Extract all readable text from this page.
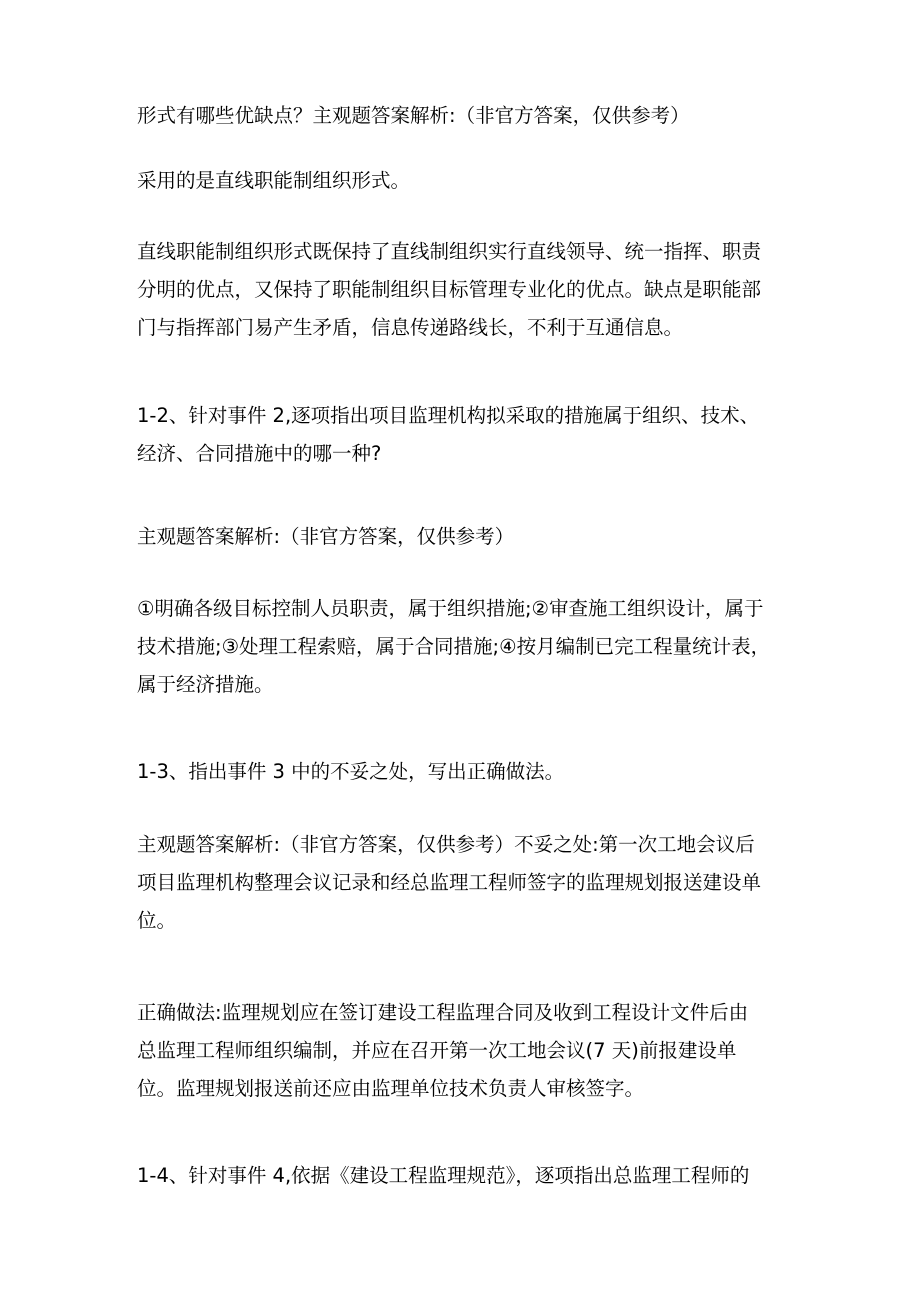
形式有哪些优缺点？主观题答案解析:（非官方答案，仅供参考）

采用的是直线职能制组织形式。

直线职能制组织形式既保持了直线制组织实行直线领导、统一指挥、职责
分明的优点，又保持了职能制组织目标管理专业化的优点。缺点是职能部
门与指挥部门易产生矛盾，信息传递路线长，不利于互通信息。

1-2、针对事件 2,逐项指出项目监理机构拟采取的措施属于组织、技术、
经济、合同措施中的哪一种?

主观题答案解析:（非官方答案，仅供参考）

①明确各级目标控制人员职责，属于组织措施;②审查施工组织设计，属于
技术措施;③处理工程索赔，属于合同措施;④按月编制已完工程量统计表，
属于经济措施。

1-3、指出事件 3 中的不妥之处，写出正确做法。

主观题答案解析:（非官方答案，仅供参考）不妥之处:第一次工地会议后
项目监理机构整理会议记录和经总监理工程师签字的监理规划报送建设单
位。

正确做法:监理规划应在签订建设工程监理合同及收到工程设计文件后由
总监理工程师组织编制，并应在召开第一次工地会议(7 天)前报建设单
位。监理规划报送前还应由监理单位技术负责人审核签字。

1-4、针对事件 4,依据《建设工程监理规范》，逐项指出总监理工程师的
